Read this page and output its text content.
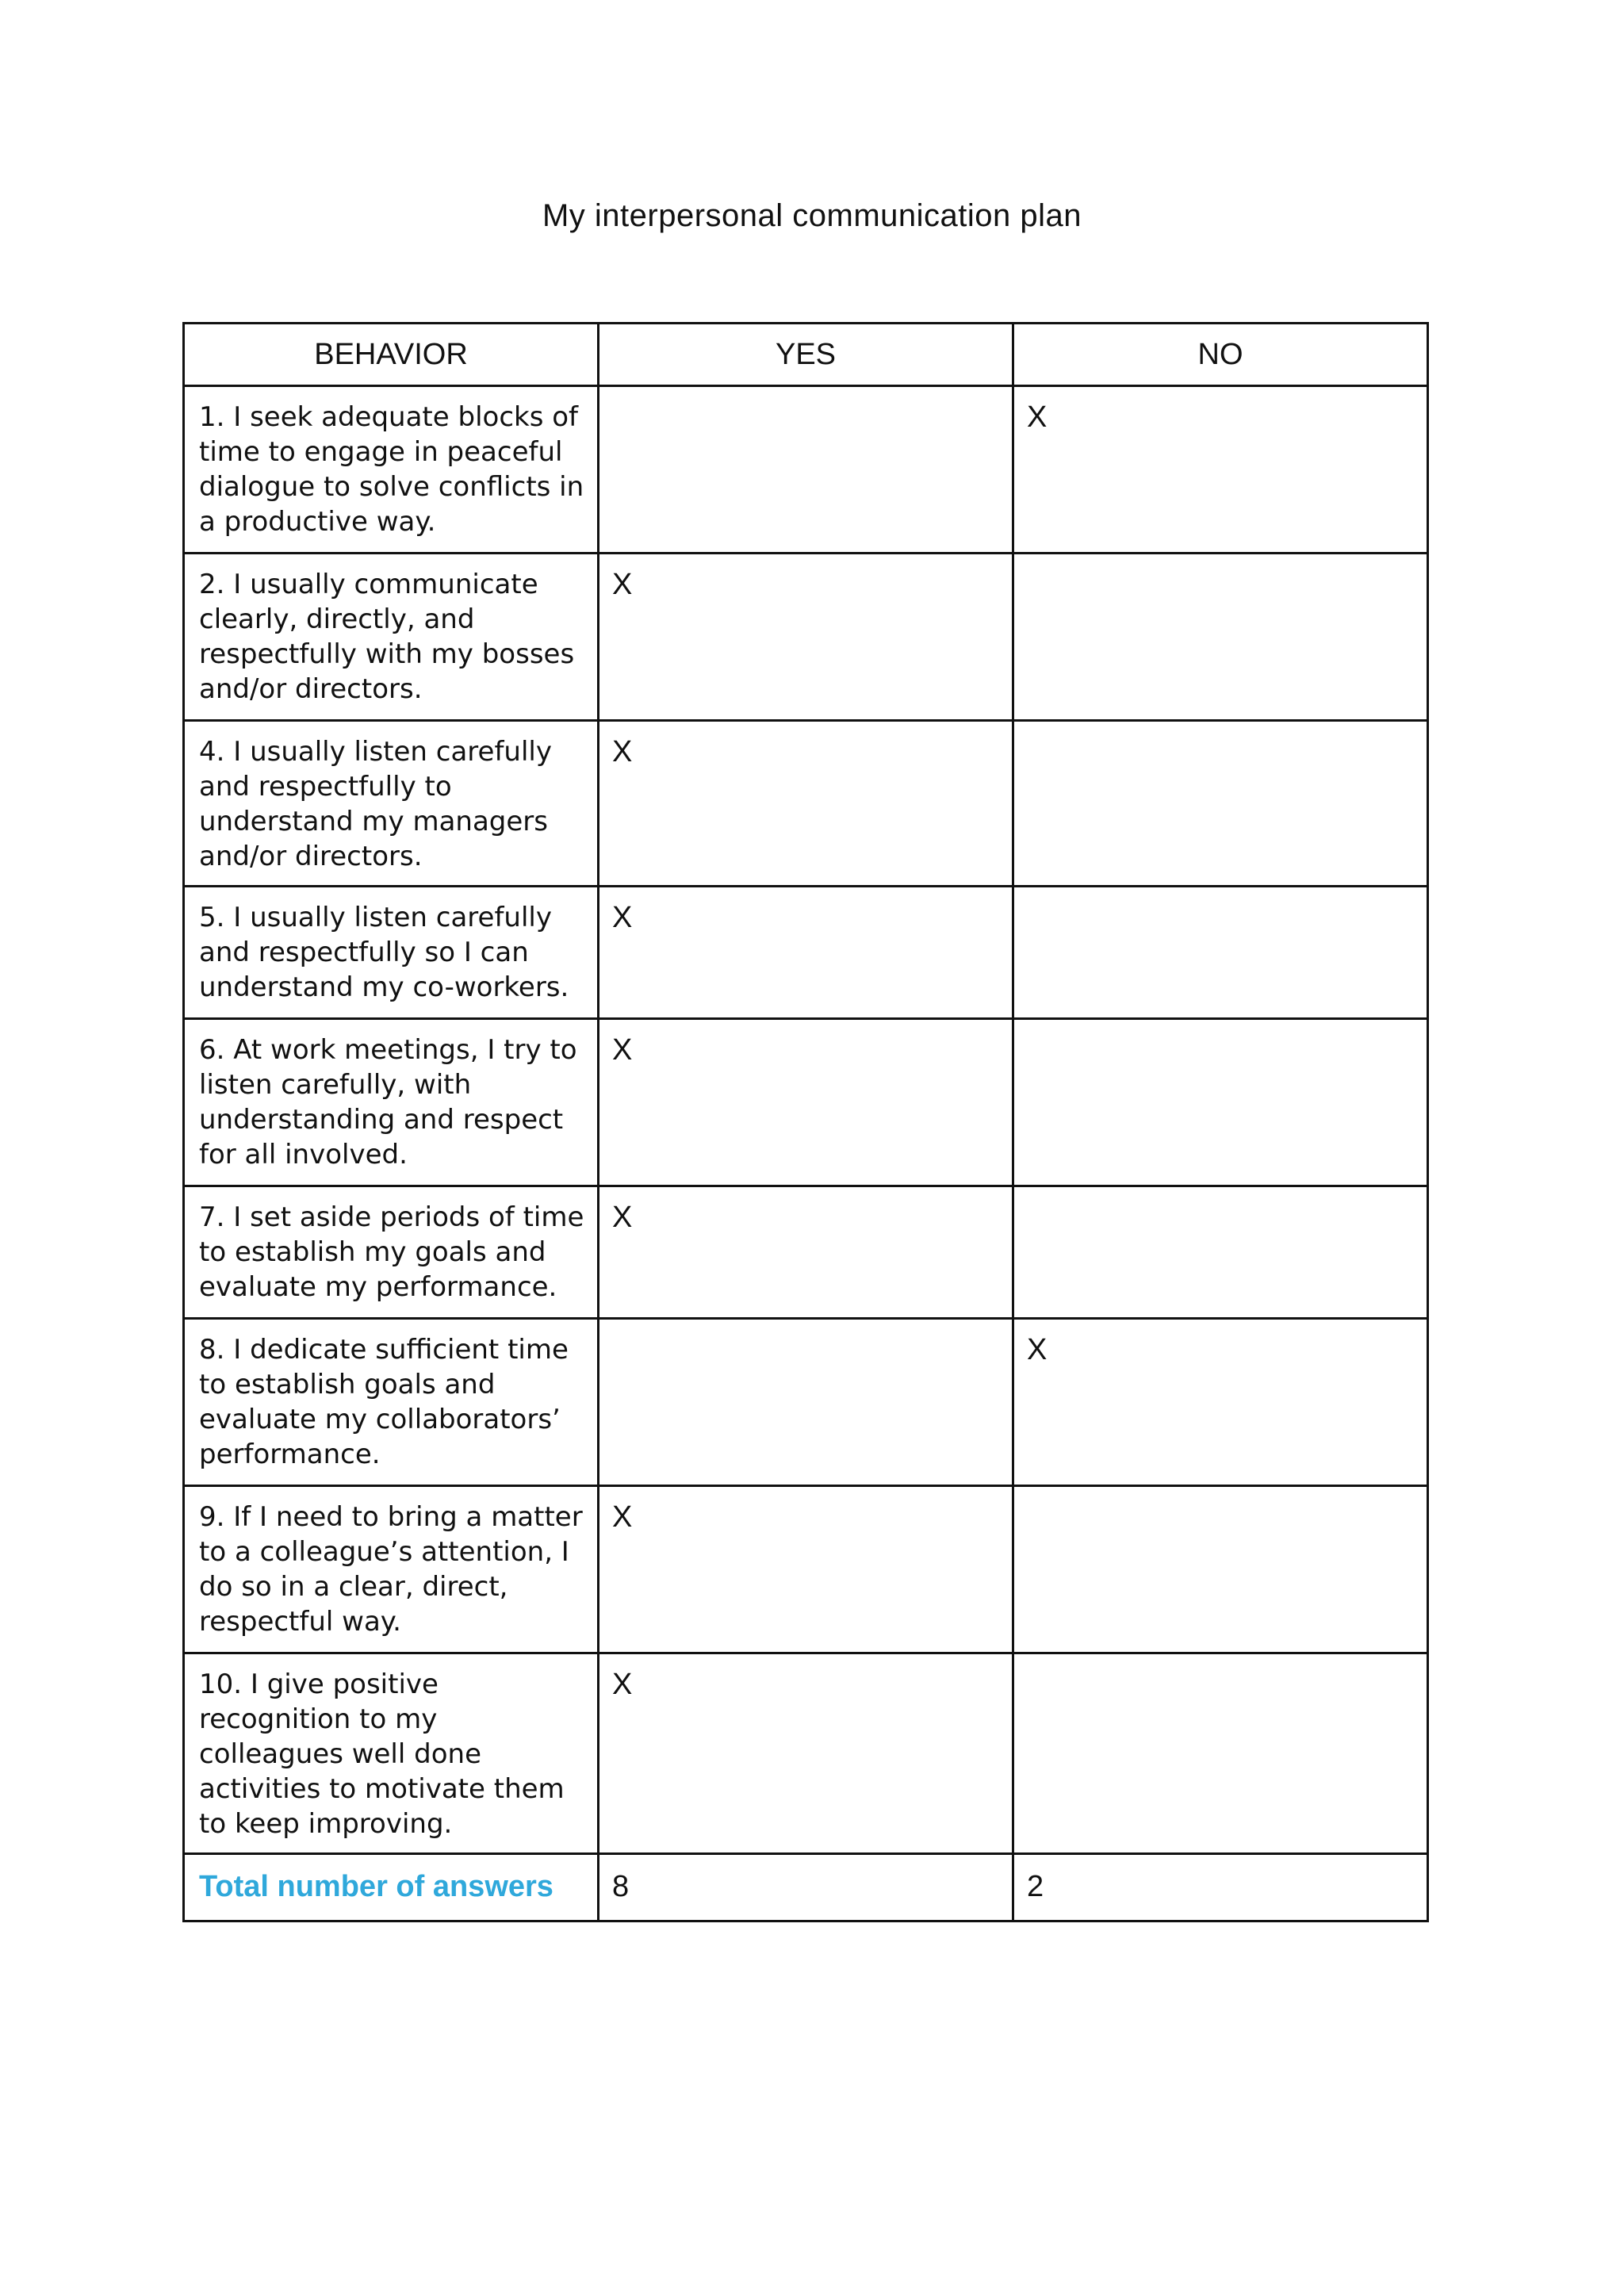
My interpersonal communication plan
BEHAVIOR	YES	NO

1. I seek adequate blocks of time to engage in peaceful dialogue to solve conflicts in a productive way.		X

2. I usually communicate clearly, directly, and respectfully with my bosses and/or directors.	X	

4. I usually listen carefully and respectfully to understand my managers and/or directors.	X	

5. I usually listen carefully and respectfully so I can understand my co-workers.	X	

6. At work meetings, I try to listen carefully, with understanding and respect for all involved.	X	

7. I set aside periods of time to establish my goals and evaluate my performance.	X	

8. I dedicate sufficient time to establish goals and evaluate my collaborators’ performance.		X

9. If I need to bring a matter to a colleague’s attention, I do so in a clear, direct, respectful way.	X	

10. I give positive recognition to my colleagues well done activities to motivate them to keep improving.	X	

Total number of answers	8	2
